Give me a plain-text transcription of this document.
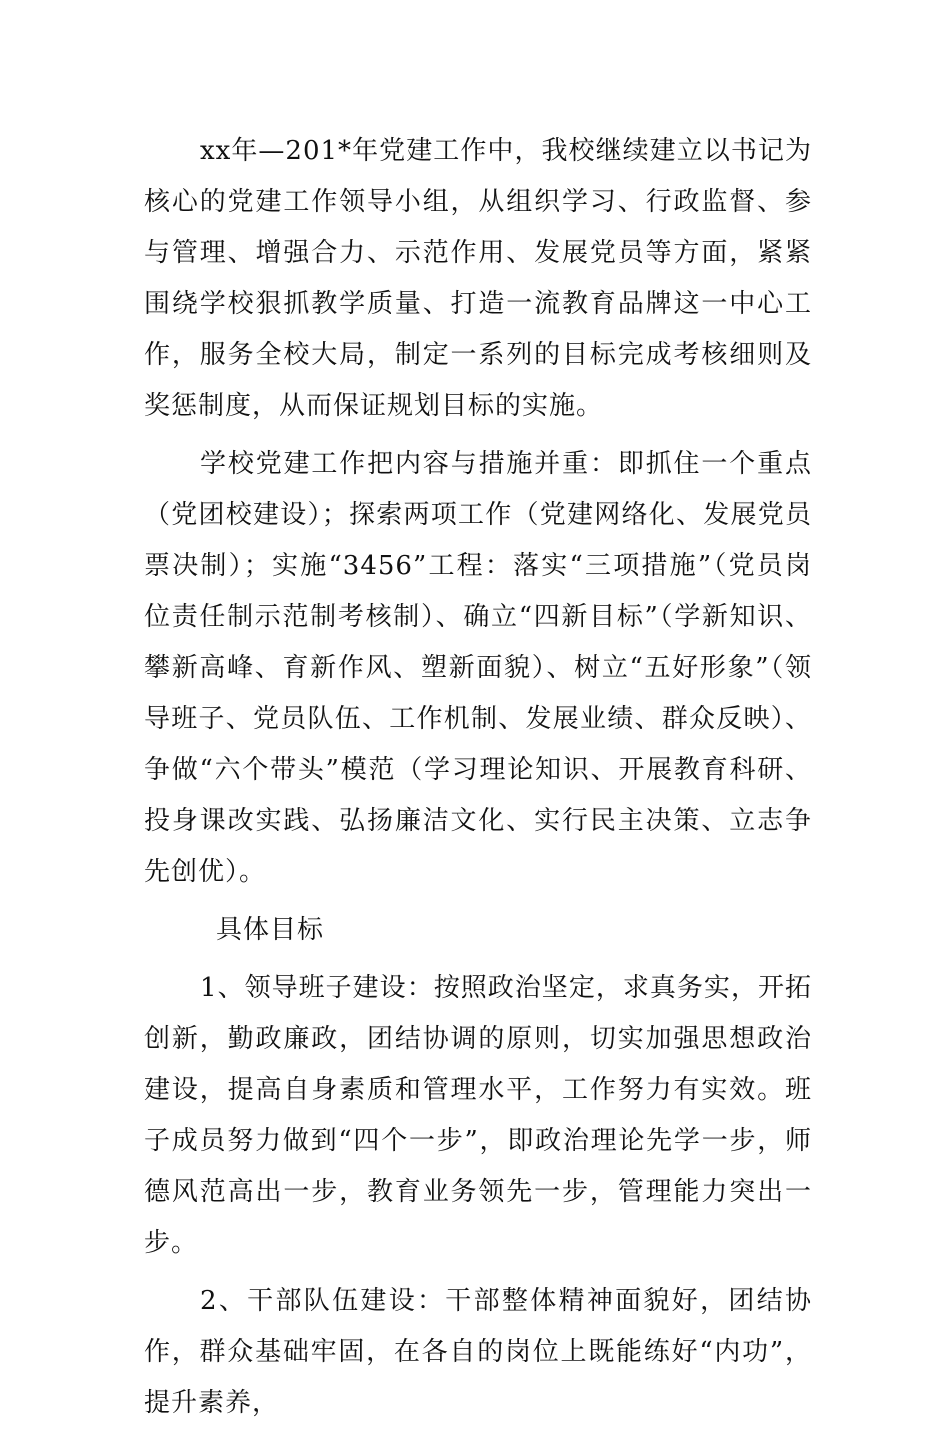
xx年—201*年党建工作中，我校继续建立以书记为核心的党建工作领导小组，从组织学习、行政监督、参与管理、增强合力、示范作用、发展党员等方面，紧紧围绕学校狠抓教学质量、打造一流教育品牌这一中心工作，服务全校大局，制定一系列的目标完成考核细则及奖惩制度，从而保证规划目标的实施。

学校党建工作把内容与措施并重：即抓住一个重点（党团校建设）；探索两项工作（党建网络化、发展党员票决制）；实施“3456”工程：落实“三项措施”（党员岗位责任制示范制考核制）、确立“四新目标”（学新知识、攀新高峰、育新作风、塑新面貌）、树立“五好形象”（领导班子、党员队伍、工作机制、发展业绩、群众反映）、争做“六个带头”模范（学习理论知识、开展教育科研、投身课改实践、弘扬廉洁文化、实行民主决策、立志争先创优）。

具体目标

1、领导班子建设：按照政治坚定，求真务实，开拓创新，勤政廉政，团结协调的原则，切实加强思想政治建设，提高自身素质和管理水平，工作努力有实效。班子成员努力做到“四个一步”，即政治理论先学一步，师德风范高出一步，教育业务领先一步，管理能力突出一步。

2、干部队伍建设：干部整体精神面貌好，团结协作，群众基础牢固，在各自的岗位上既能练好“内功”，提升素养，
